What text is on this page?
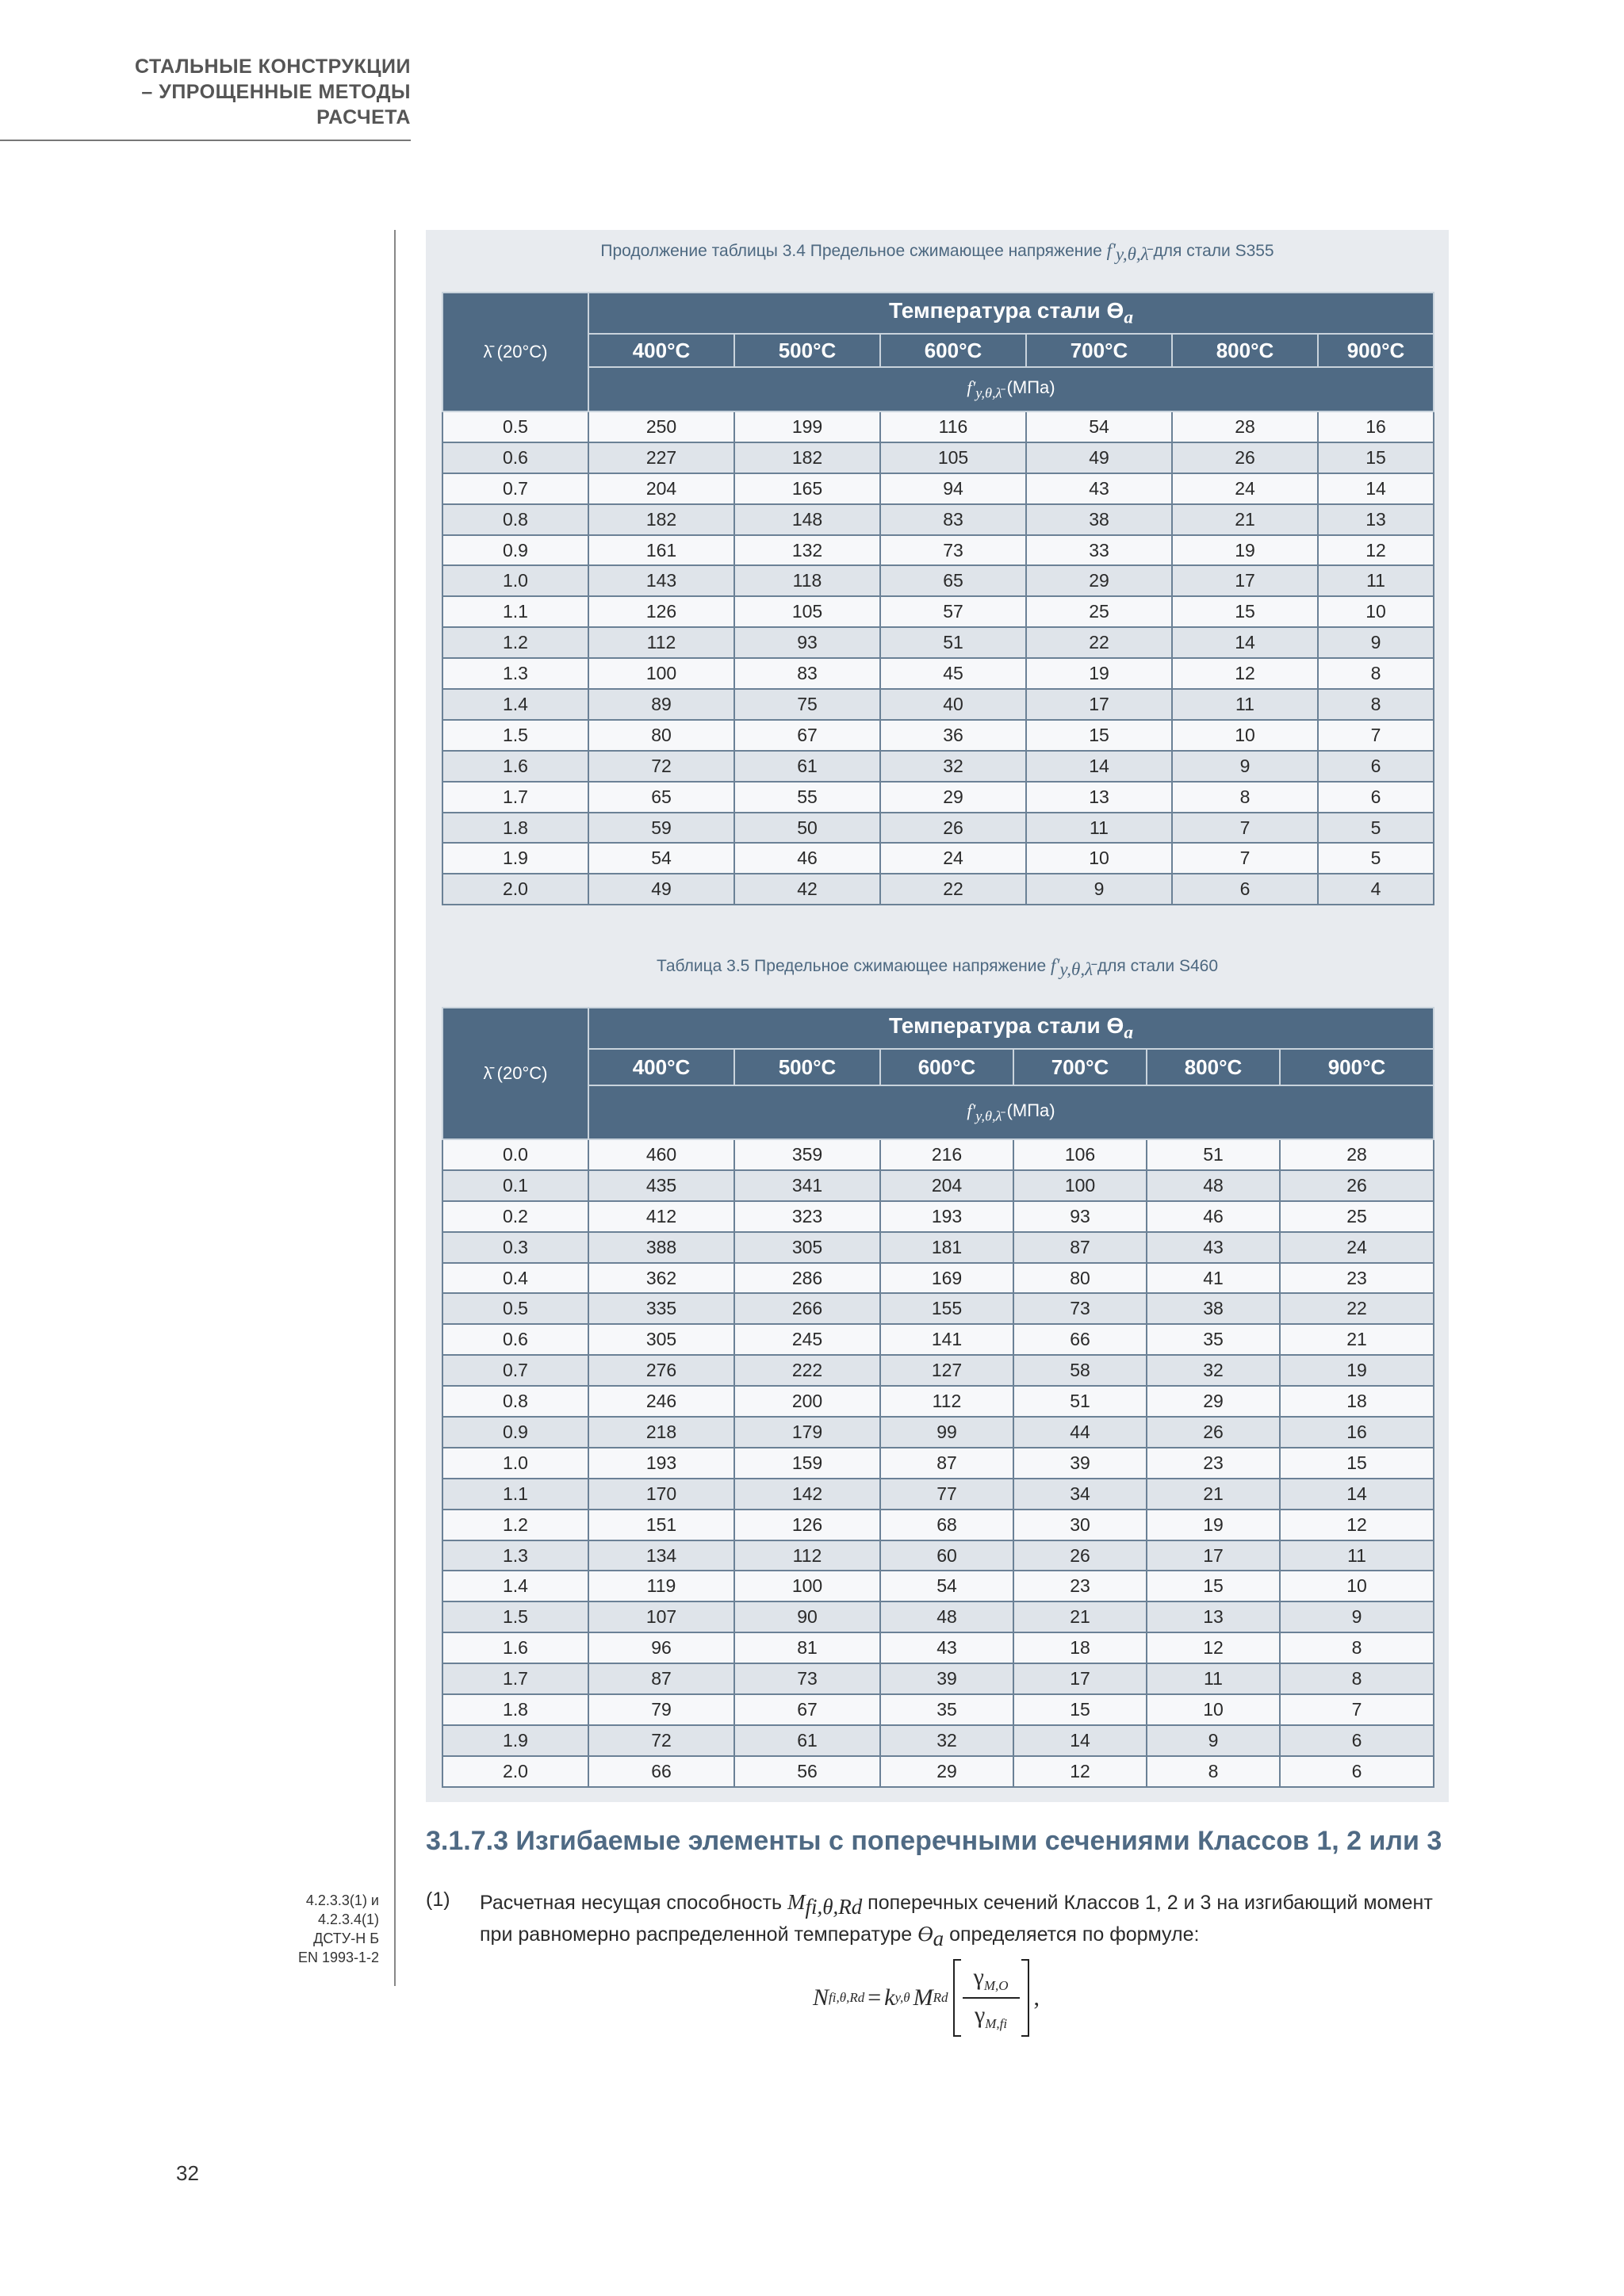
СТАЛЬНЫЕ КОНСТРУКЦИИ
– УПРОЩЕННЫЕ МЕТОДЫ
РАСЧЕТА
Продолжение таблицы 3.4 Предельное сжимающее напряжение $f'_{y,\theta,\lambdā}$ для стали S355
λ̄ (20°C)	Температура стали $ϴ_a$
	400°C	500°C	600°C	700°C	800°C	900°C
	$f'_{y,\theta,\lambdā}$ (МПа)					
0.5	250	199	116	54	28	16
0.6	227	182	105	49	26	15
0.7	204	165	94	43	24	14
0.8	182	148	83	38	21	13
0.9	161	132	73	33	19	12
1.0	143	118	65	29	17	11
1.1	126	105	57	25	15	10
1.2	112	93	51	22	14	9
1.3	100	83	45	19	12	8
1.4	89	75	40	17	11	8
1.5	80	67	36	15	10	7
1.6	72	61	32	14	9	6
1.7	65	55	29	13	8	6
1.8	59	50	26	11	7	5
1.9	54	46	24	10	7	5
2.0	49	42	22	9	6	4
Таблица 3.5 Предельное сжимающее напряжение $f'_{y,\theta,\lambdā}$ для стали S460
λ̄ (20°C)	Температура стали $ϴ_a$
	400°C	500°C	600°C	700°C	800°C	900°C
	$f'_{y,\theta,\lambdā}$ (МПа)					
0.0	460	359	216	106	51	28
0.1	435	341	204	100	48	26
0.2	412	323	193	93	46	25
0.3	388	305	181	87	43	24
0.4	362	286	169	80	41	23
0.5	335	266	155	73	38	22
0.6	305	245	141	66	35	21
0.7	276	222	127	58	32	19
0.8	246	200	112	51	29	18
0.9	218	179	99	44	26	16
1.0	193	159	87	39	23	15
1.1	170	142	77	34	21	14
1.2	151	126	68	30	19	12
1.3	134	112	60	26	17	11
1.4	119	100	54	23	15	10
1.5	107	90	48	21	13	9
1.6	96	81	43	18	12	8
1.7	87	73	39	17	11	8
1.8	79	67	35	15	10	7
1.9	72	61	32	14	9	6
2.0	66	56	29	12	8	6
3.1.7.3 Изгибаемые элементы с поперечными сечениями Классов 1, 2 или 3
4.2.3.3(1) и
4.2.3.4(1)
ДСТУ-Н Б
EN 1993-1-2
(1) Расчетная несущая способность $M_{fi,\theta,Rd}$ поперечных сечений Классов 1, 2 и 3 на изгибающий момент при равномерно распределенной температуре $ϴ_a$ определяется по формуле:
N fi,θ,Rd = k y,θ M Rd $\frac{\gamma_{M,O}}{\gamma_{M,fi}}$ ,
32
